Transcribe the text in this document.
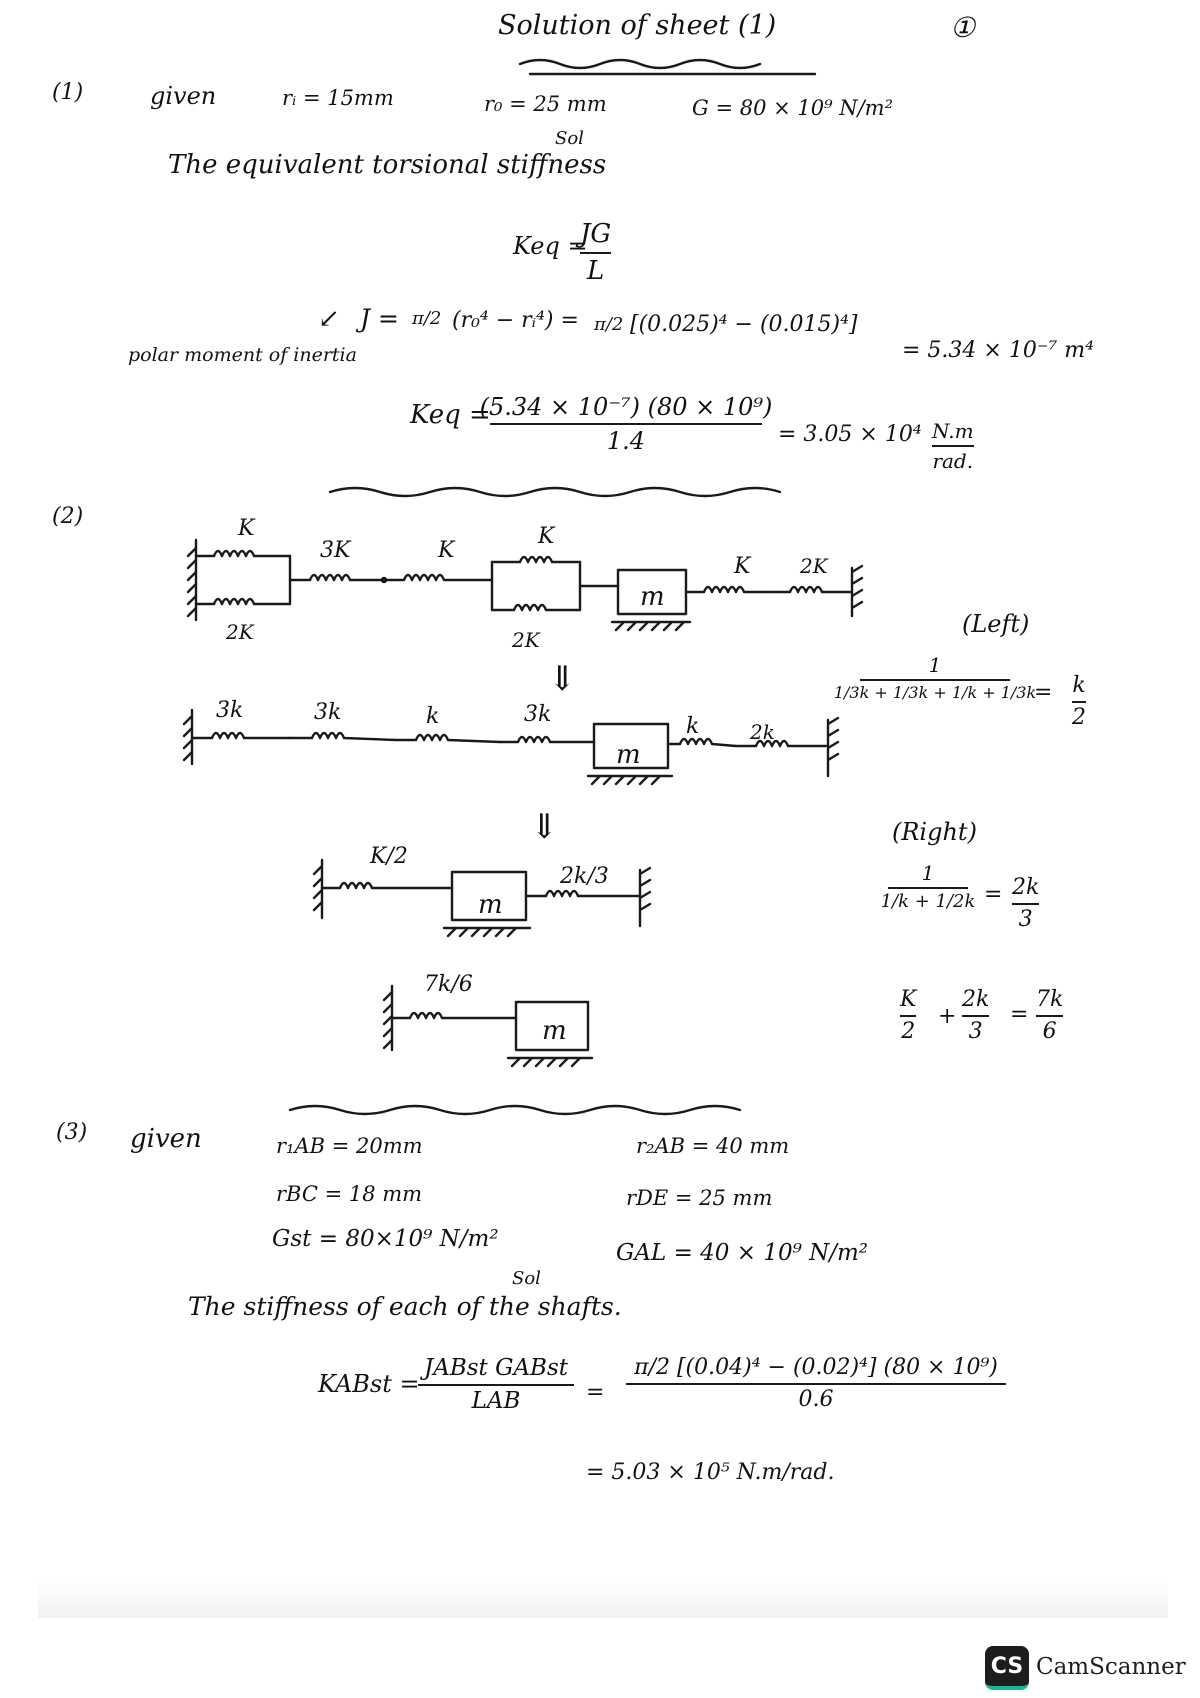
Solution of sheet (1)	①
(1)	given	rᵢ = 15mm	r₀ = 25 mm	G = 80 × 10⁹ N/m²
Sol
The equivalent torsional stiffness
Keq =
JG
L
↙
polar moment of inertia
J = π/2 (r₀⁴ − rᵢ⁴) = π/2 [(0.025)⁴ − (0.015)⁴]
= 5.34 × 10⁻⁷ m⁴
Keq =
(5.34 × 10⁻⁷) (80 × 10⁹)
1.4	= 3.05 × 10⁴ N.m
rad.
(2)	K
2K
3K	K
K
2K
m
K 2K
⇓
3k	3k	k	3k
m
k	2k
⇓
K/2
m
2k/3
7k/6
m
(Left)
1
1/3k + 1/3k + 1/k + 1/3k
= k
2
(Right)
1
1/k + 1/2k = 2k
3
K
2
+
2k
3
=
7k
6
(3) given	r₁AB = 20mm	r₂AB = 40 mm
rBC = 18 mm	rDE = 25 mm
Gst = 80×10⁹ N/m²
GAL = 40 × 10⁹ N/m²
Sol
The stiffness of each of the shafts.
KABst =
JABst GABst
LAB	=
π/2 [(0.04)⁴ − (0.02)⁴] (80 × 10⁹)
0.6
= 5.03 × 10⁵ N.m/rad.
CS CamScanner
